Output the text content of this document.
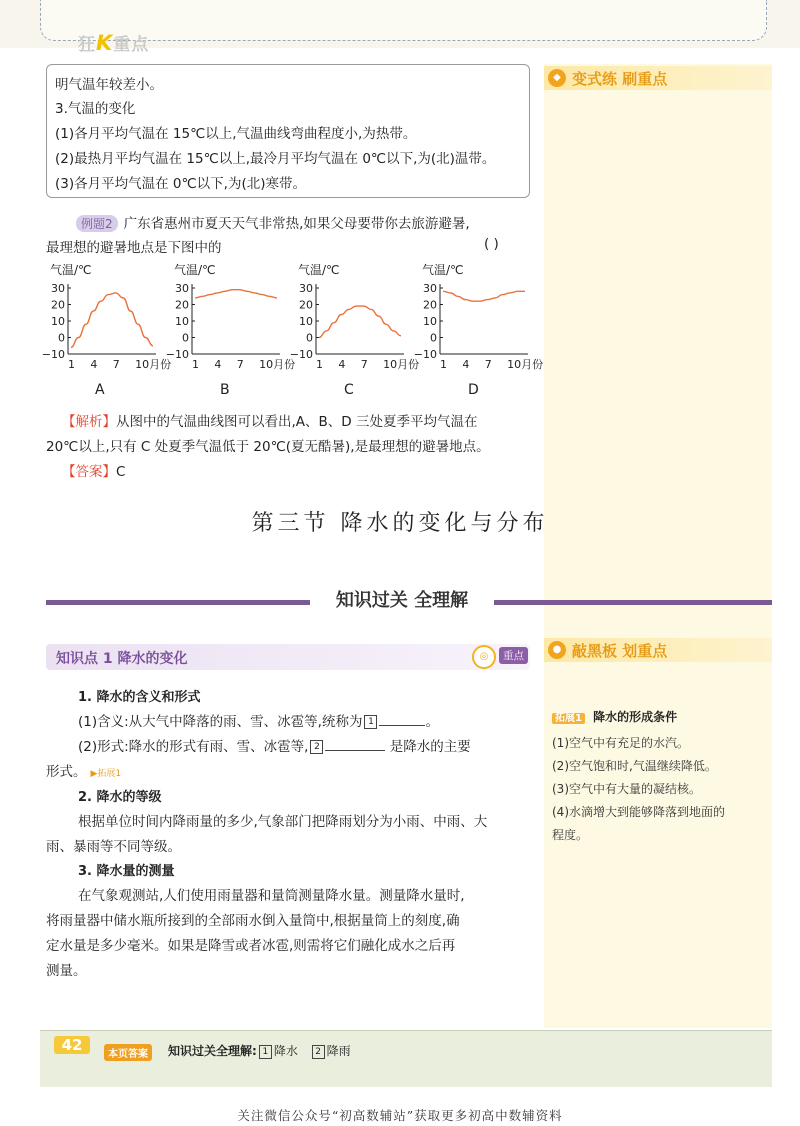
狂K重点
◆ 变式练 刷重点
● 敲黑板 划重点
拓展1 降水的形成条件
(1)空气中有充足的水汽。
(2)空气饱和时,气温继续降低。
(3)空气中有大量的凝结核。
(4)水滴增大到能够降落到地面的
程度。
明气温年较差小。
3.气温的变化
(1)各月平均气温在 15℃以上,气温曲线弯曲程度小,为热带。
(2)最热月平均气温在 15℃以上,最冷月平均气温在 0℃以下,为(北)温带。
(3)各月平均气温在 0℃以下,为(北)寒带。
例题2 广东省惠州市夏天天气非常热,如果父母要带你去旅游避暑,
最理想的避暑地点是下图中的	( )
气温/℃
30
20
10
0
−10
1 4 7 10月份
气温/℃
30
20
10
0
−10
1 4 7 10月份
气温/℃
30
20
10
0
−10
1 4 7 10月份
气温/℃
30
20
10
0
−10
1 4 7 10月份
A	B	C	D
【解析】从图中的气温曲线图可以看出,A、B、D 三处夏季平均气温在
20℃以上,只有 C 处夏季气温低于 20℃(夏无酷暑),是最理想的避暑地点。
【答案】C
第三节 降水的变化与分布
知识过关 全理解
知识点 1 降水的变化	◎	重点
1. 降水的含义和形式
(1)含义:从大气中降落的雨、雪、冰雹等,统称为 1	。
(2)形式:降水的形式有雨、雪、冰雹等, 2	是降水的主要
形式。 ▶拓展1
2. 降水的等级
根据单位时间内降雨量的多少,气象部门把降雨划分为小雨、中雨、大
雨、暴雨等不同等级。
3. 降水量的测量
在气象观测站,人们使用雨量器和量筒测量降水量。测量降水量时,
将雨量器中储水瓶所接到的全部雨水倒入量筒中,根据量筒上的刻度,确
定水量是多少毫米。如果是降雪或者冰雹,则需将它们融化成水之后再
测量。
42
本页答案	知识过关全理解: 1 降水 2 降雨
关注微信公众号“初高数辅站”获取更多初高中数辅资料
